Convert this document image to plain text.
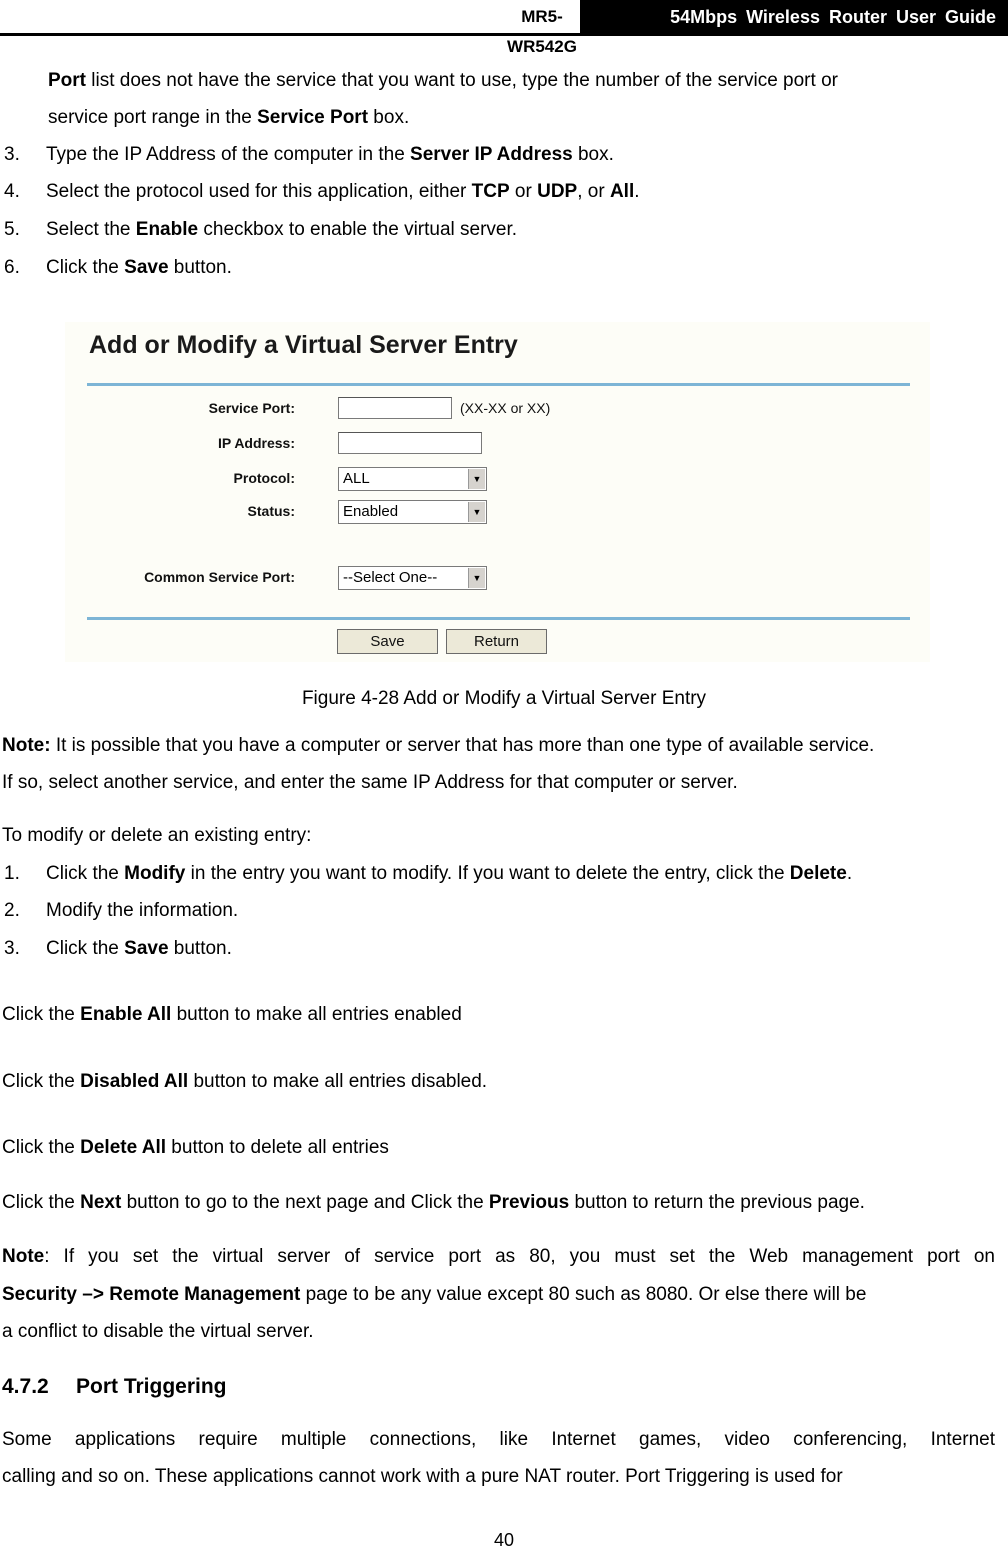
MR5-WR542G
54Mbps Wireless Router User Guide
Port list does not have the service that you want to use, type the number of the service port or
service port range in the Service Port box.
3. Type the IP Address of the computer in the Server IP Address box.
4. Select the protocol used for this application, either TCP or UDP, or All.
5. Select the Enable checkbox to enable the virtual server.
6. Click the Save button.
Add or Modify a Virtual Server Entry
Service Port:	(XX-XX or XX)
IP Address:
Protocol:	ALL	▼
Status:	Enabled	▼
Common Service Port:	--Select One--	▼
Save	Return
Figure 4-28 Add or Modify a Virtual Server Entry
Note: It is possible that you have a computer or server that has more than one type of available service.
If so, select another service, and enter the same IP Address for that computer or server.
To modify or delete an existing entry:
1. Click the Modify in the entry you want to modify. If you want to delete the entry, click the Delete.
2. Modify the information.
3. Click the Save button.
Click the Enable All button to make all entries enabled
Click the Disabled All button to make all entries disabled.
Click the Delete All button to delete all entries
Click the Next button to go to the next page and Click the Previous button to return the previous page.
Note: If you set the virtual server of service port as 80, you must set the Web management port on
Security –> Remote Management page to be any value except 80 such as 8080. Or else there will be
a conflict to disable the virtual server.
4.7.2 Port Triggering
Some applications require multiple connections, like Internet games, video conferencing, Internet
calling and so on. These applications cannot work with a pure NAT router. Port Triggering is used for
40
